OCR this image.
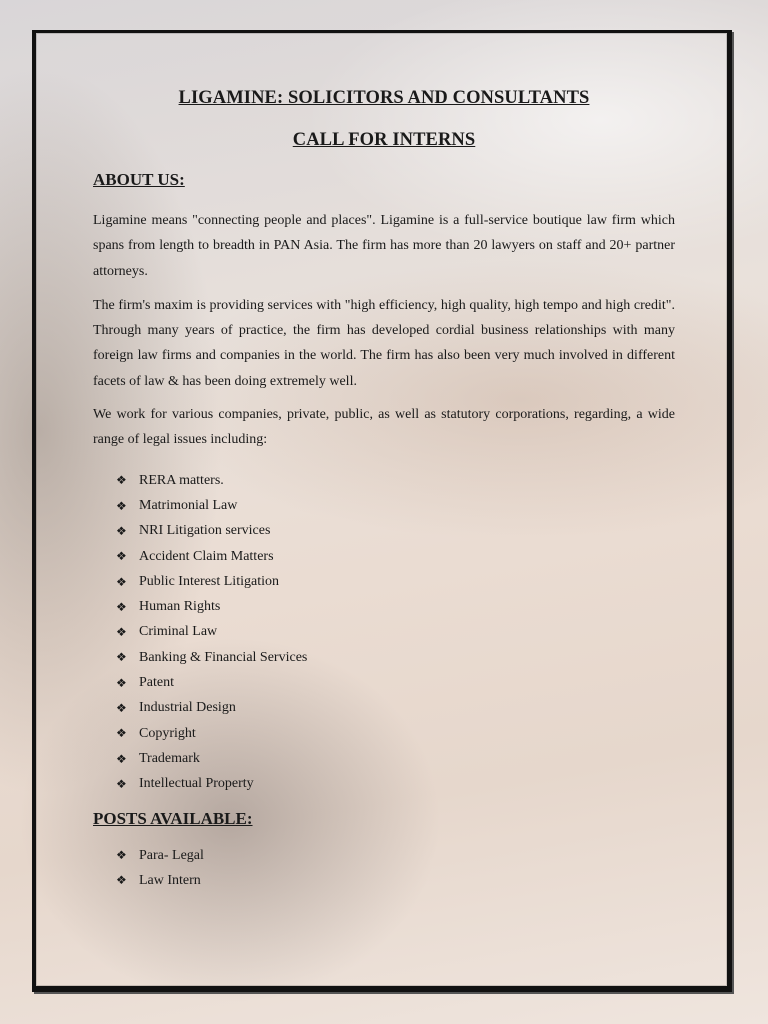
LIGAMINE: SOLICITORS AND CONSULTANTS
CALL FOR INTERNS
ABOUT US:

Ligamine means "connecting people and places". Ligamine is a full-service boutique law firm which spans from length to breadth in PAN Asia. The firm has more than 20 lawyers on staff and 20+ partner attorneys.

The firm's maxim is providing services with "high efficiency, high quality, high tempo and high credit". Through many years of practice, the firm has developed cordial business relationships with many foreign law firms and companies in the world. The firm has also been very much involved in different facets of law & has been doing extremely well.

We work for various companies, private, public, as well as statutory corporations, regarding, a wide range of legal issues including:

❖ RERA matters.
❖ Matrimonial Law
❖ NRI Litigation services
❖ Accident Claim Matters
❖ Public Interest Litigation
❖ Human Rights
❖ Criminal Law
❖ Banking & Financial Services
❖ Patent
❖ Industrial Design
❖ Copyright
❖ Trademark
❖ Intellectual Property
POSTS AVAILABLE:
❖ Para- Legal
❖ Law Intern
